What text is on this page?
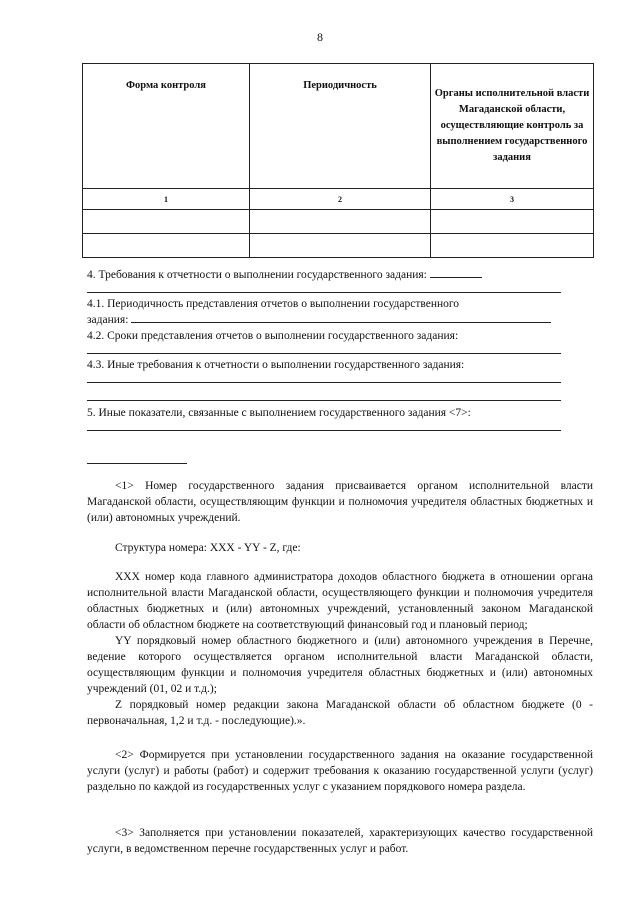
8
Форма контроля	Периодичность	Органы исполнительной власти Магаданской области, осуществляющие контроль за выполнением государственного задания
1	2	3

4. Требования к отчетности о выполнении государственного задания:
4.1. Периодичность представления отчетов о выполнении государственного
задания:
4.2. Сроки представления отчетов о выполнении государственного задания:
4.3. Иные требования к отчетности о выполнении государственного задания:
5. Иные показатели, связанные с выполнением государственного задания <7>:
<1> Номер государственного задания присваивается органом исполнительной власти Магаданской области, осуществляющим функции и полномочия учредителя областных бюджетных и (или) автономных учреждений.
Структура номера: XXX - YY - Z, где:

XXX номер кода главного администратора доходов областного бюджета в отношении органа исполнительной власти Магаданской области, осуществляющего функции и полномочия учредителя областных бюджетных и (или) автономных учреждений, установленный законом Магаданской области об областном бюджете на соответствующий финансовый год и плановый период;

YY порядковый номер областного бюджетного и (или) автономного учреждения в Перечне, ведение которого осуществляется органом исполнительной власти Магаданской области, осуществляющим функции и полномочия учредителя областных бюджетных и (или) автономных учреждений (01, 02 и т.д.);

Z порядковый номер редакции закона Магаданской области об областном бюджете (0 - первоначальная, 1,2 и т.д. - последующие).».

<2> Формируется при установлении государственного задания на оказание государственной услуги (услуг) и работы (работ) и содержит требования к оказанию государственной услуги (услуг) раздельно по каждой из государственных услуг с указанием порядкового номера раздела.
<3> Заполняется при установлении показателей, характеризующих качество государственной услуги, в ведомственном перечне государственных услуг и работ.
